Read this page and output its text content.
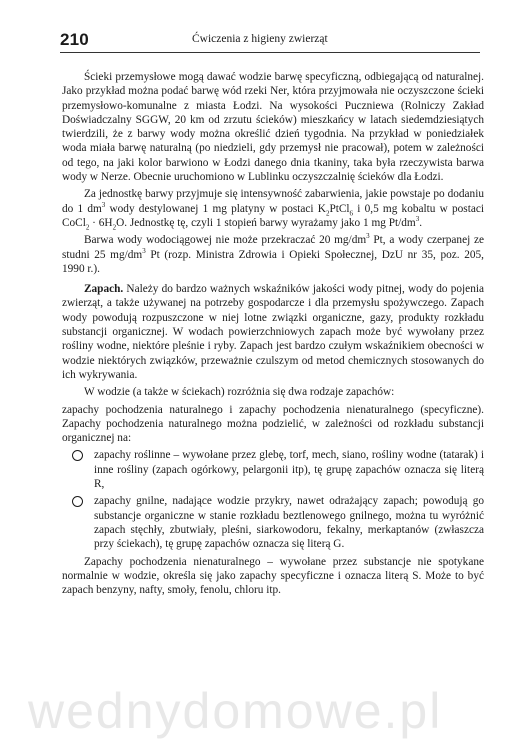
210	Ćwiczenia z higieny zwierząt

Ścieki przemysłowe mogą dawać wodzie barwę specyficzną, odbiegającą od naturalnej. Jako przykład można podać barwę wód rzeki Ner, która przyjmowała nie oczyszczone ścieki przemysłowo-komunalne z miasta Łodzi. Na wysokości Puczniewa (Rolniczy Zakład Doświadczalny SGGW, 20 km od zrzutu ścieków) mieszkańcy w latach siedemdziesiątych twierdzili, że z barwy wody można określić dzień tygodnia. Na przykład w poniedziałek woda miała barwę naturalną (po niedzieli, gdy przemysł nie pracował), potem w zależności od tego, na jaki kolor barwiono w Łodzi danego dnia tkaniny, taka była rzeczywista barwa wody w Nerze. Obecnie uruchomiono w Lublinku oczyszczalnię ścieków dla Łodzi.

Za jednostkę barwy przyjmuje się intensywność zabarwienia, jakie powstaje po dodaniu do 1 $dm^3$ wody destylowanej 1 mg platyny w postaci $K_2PtCl_6$ i 0,5 mg kobaltu w postaci CoCl$_2$ · $6H_2O$. Jednostkę tę, czyli 1 stopień barwy wyrażamy jako 1 mg $Pt/dm^3$.

Barwa wody wodociągowej nie może przekraczać 20 $mg/dm^3$ Pt, a wody czerpanej ze studni 25 $mg/dm^3$ Pt (rozp. Ministra Zdrowia i Opieki Społecznej, DzU nr 35, poz. 205, 1990 r.).

Zapach. Należy do bardzo ważnych wskaźników jakości wody pitnej, wody do pojenia zwierząt, a także używanej na potrzeby gospodarcze i dla przemysłu spożywczego. Zapach wody powodują rozpuszczone w niej lotne związki organiczne, gazy, produkty rozkładu substancji organicznej. W wodach powierzchniowych zapach może być wywołany przez rośliny wodne, niektóre pleśnie i ryby. Zapach jest bardzo czułym wskaźnikiem obecności w wodzie niektórych związków, przeważnie czulszym od metod chemicznych stosowanych do ich wykrywania.

W wodzie (a także w ściekach) rozróżnia się dwa rodzaje zapachów:

zapachy pochodzenia naturalnego i zapachy pochodzenia nienaturalnego (specyficzne). Zapachy pochodzenia naturalnego można podzielić, w zależności od rozkładu substancji organicznej na:

zapachy roślinne – wywołane przez glebę, torf, mech, siano, rośliny wodne (tatarak) i inne rośliny (zapach ogórkowy, pelargonii itp), tę grupę zapachów oznacza się literą R,
zapachy gnilne, nadające wodzie przykry, nawet odrażający zapach; powodują go substancje organiczne w stanie rozkładu beztlenowego gnilnego, można tu wyróżnić zapach stęchły, zbutwiały, pleśni, siarkowodoru, fekalny, merkaptanów (zwłaszcza przy ściekach), tę grupę zapachów oznacza się literą G.

Zapachy pochodzenia nienaturalnego – wywołane przez substancje nie spotykane normalnie w wodzie, określa się jako zapachy specyficzne i oznacza literą S. Może to być zapach benzyny, nafty, smoły, fenolu, chloru itp.

wednydomowe.pl
